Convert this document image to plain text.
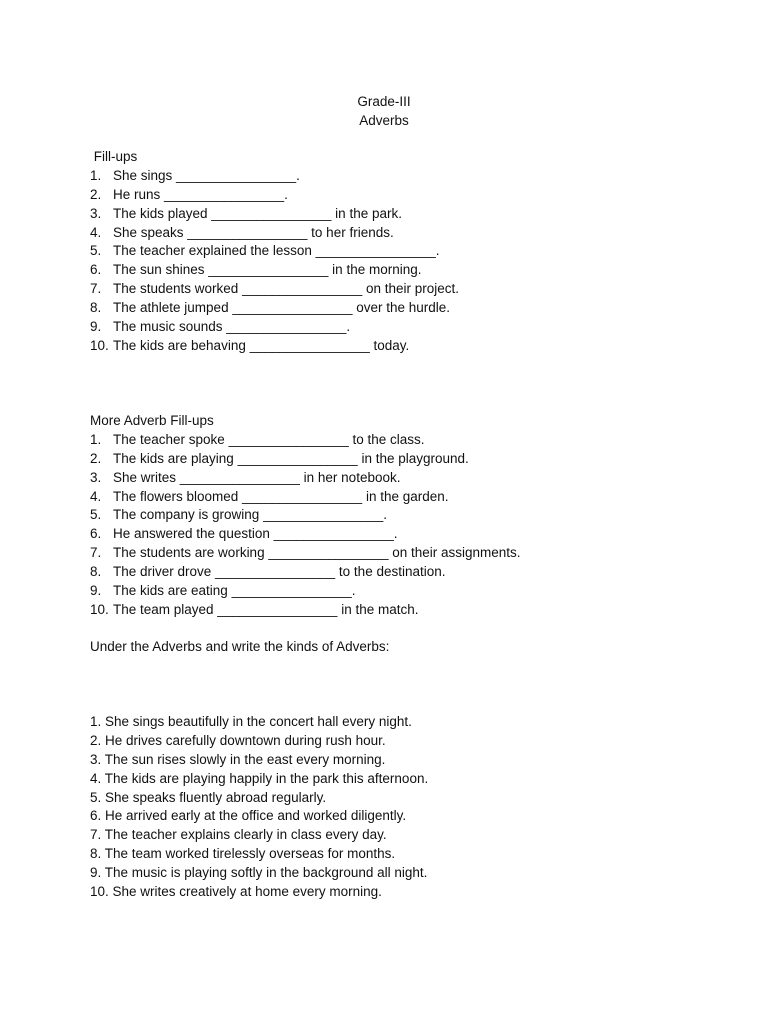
Grade-III
Adverbs
Fill-ups
1. She sings ________________.
2. He runs ________________.
3. The kids played ________________ in the park.
4. She speaks ________________ to her friends.
5. The teacher explained the lesson ________________.
6. The sun shines ________________ in the morning.
7. The students worked ________________ on their project.
8. The athlete jumped ________________ over the hurdle.
9. The music sounds ________________.
10. The kids are behaving ________________ today.
More Adverb Fill-ups
1. The teacher spoke ________________ to the class.
2. The kids are playing ________________ in the playground.
3. She writes ________________ in her notebook.
4. The flowers bloomed ________________ in the garden.
5. The company is growing ________________.
6. He answered the question ________________.
7. The students are working ________________ on their assignments.
8. The driver drove ________________ to the destination.
9. The kids are eating ________________.
10. The team played ________________ in the match.
Under the Adverbs and write the kinds of Adverbs:
1. She sings beautifully in the concert hall every night.
2. He drives carefully downtown during rush hour.
3. The sun rises slowly in the east every morning.
4. The kids are playing happily in the park this afternoon.
5. She speaks fluently abroad regularly.
6. He arrived early at the office and worked diligently.
7. The teacher explains clearly in class every day.
8. The team worked tirelessly overseas for months.
9. The music is playing softly in the background all night.
10. She writes creatively at home every morning.
